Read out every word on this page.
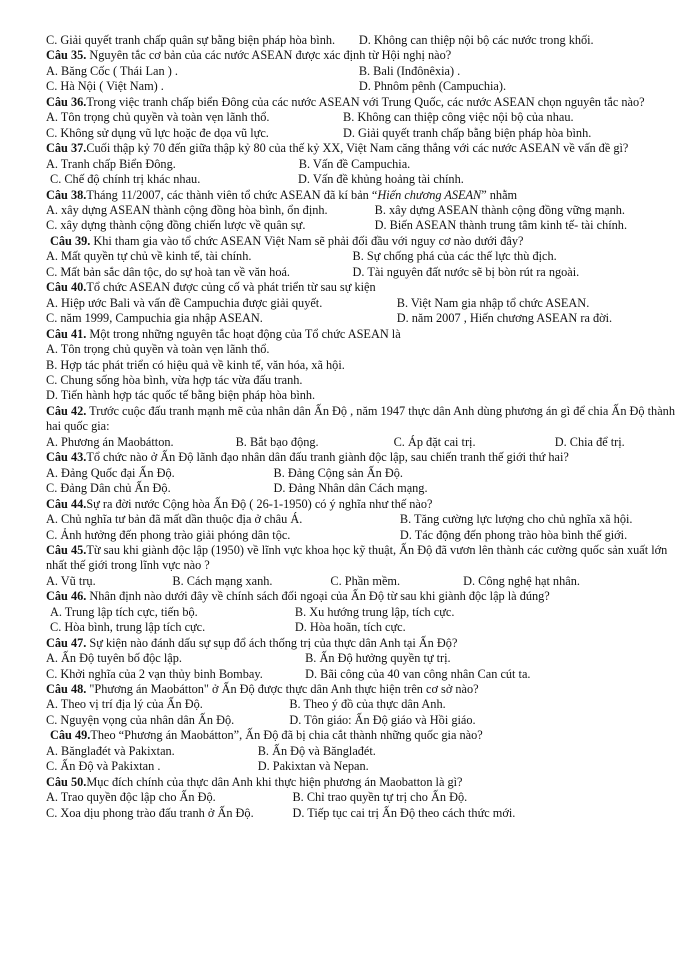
C. Giải quyết tranh chấp quân sự bằng biện pháp hòa bình.	D. Không can thiệp nội bộ các nước trong khối.
Câu 35. Nguyên tắc cơ bản của các nước ASEAN được xác định từ Hội nghị nào?
A. Băng Cốc ( Thái Lan ) .	B. Bali (Inđônêxia) .
C. Hà Nội ( Việt Nam) .	D. Phnôm pênh (Campuchia).
Câu 36.Trong việc tranh chấp biển Đông của các nước ASEAN với Trung Quốc, các nước ASEAN chọn nguyên tắc nào?
A. Tôn trọng chủ quyền và toàn vẹn lãnh thổ.	B. Không can thiệp công việc nội bộ của nhau.
C. Không sử dụng vũ lực hoặc đe dọa vũ lực.	D. Giải quyết tranh chấp bằng biện pháp hòa bình.
Câu 37.Cuối thập kỷ 70 đến giữa thập kỷ 80 của thế kỷ XX, Việt Nam căng thẳng với các nước ASEAN về vấn đề gì?
A. Tranh chấp Biển Đông.	B. Vấn đề Campuchia.
C. Chế độ chính trị khác nhau.	D. Vấn đề khủng hoảng tài chính.
Câu 38.Tháng 11/2007, các thành viên tổ chức ASEAN đã kí bản “Hiến chương ASEAN” nhằm
A. xây dựng ASEAN thành cộng đồng hòa bình, ổn định.	B. xây dựng ASEAN thành cộng đồng vững mạnh.
C. xây dựng thành cộng đồng chiến lược về quân sự.	D. Biến ASEAN thành trung tâm kinh tế- tài chính.
Câu 39. Khi tham gia vào tổ chức ASEAN Việt Nam sẽ phải đối đầu với nguy cơ nào dưới đây?
A. Mất quyền tự chủ về kinh tế, tài chính.	B. Sự chống phá của các thế lực thù địch.
C. Mất bản sắc dân tộc, do sự hoà tan về văn hoá.	D. Tài nguyên đất nước sẽ bị bòn rút ra ngoài.
Câu 40.Tổ chức ASEAN được củng cố và phát triển từ sau sự kiện
A. Hiệp ước Bali và vấn đề Campuchia được giải quyết.	B. Việt Nam gia nhập tổ chức ASEAN.
C. năm 1999, Campuchia gia nhập ASEAN.	D. năm 2007 , Hiến chương ASEAN ra đời.
Câu 41. Một trong những nguyên tắc hoạt động của Tổ chức ASEAN là
A. Tôn trọng chủ quyền và toàn vẹn lãnh thổ.
B. Hợp tác phát triển có hiệu quả về kinh tế, văn hóa, xã hội.
C. Chung sống hòa bình, vừa hợp tác vừa đấu tranh.
D. Tiến hành hợp tác quốc tế bằng biện pháp hòa bình.
Câu 42. Trước cuộc đấu tranh mạnh mẽ của nhân dân Ấn Độ , năm 1947 thực dân Anh dùng phương án gì để chia Ấn Độ thành hai quốc gia:
A. Phương án Maobátton.	B. Bắt bạo động.	C. Áp đặt cai trị.	D. Chia để trị.
Câu 43.Tổ chức nào ở Ấn Độ lãnh đạo nhân dân đấu tranh giành độc lập, sau chiến tranh thế giới thứ hai?
A. Đảng Quốc đại Ấn Độ.	B. Đảng Cộng sản Ấn Độ.
C. Đảng Dân chủ Ấn Độ.	D. Đảng Nhân dân Cách mạng.
Câu 44.Sự ra đời nước Cộng hòa Ấn Độ ( 26-1-1950) có ý nghĩa như thế nào?
A. Chủ nghĩa tư bản đã mất dần thuộc địa ở châu Á.	B. Tăng cường lực lượng cho chủ nghĩa xã hội.
C. Ảnh hưởng đến phong trào giải phóng dân tộc.	D. Tác động đến phong trào hòa bình thế giới.
Câu 45.Từ sau khi giành độc lập (1950) về lĩnh vực khoa học kỹ thuật, Ấn Độ đã vươn lên thành các cường quốc sản xuất lớn nhất thế giới trong lĩnh vực nào ?
A. Vũ trụ.	B. Cách mạng xanh.	C. Phần mềm.	D. Công nghệ hạt nhân.
Câu 46. Nhân định nào dưới đây về chính sách đối ngoại của Ấn Độ từ sau khi giành độc lập là đúng?
A. Trung lập tích cực, tiến bộ.	B. Xu hướng trung lập, tích cực.
C. Hòa bình, trung lập tích cực.	D. Hòa hoãn, tích cực.
Câu 47. Sự kiện nào đánh dấu sự sụp đổ ách thống trị của thực dân Anh tại Ấn Độ?
A. Ấn Độ tuyên bố độc lập.	B. Ấn Độ hưởng quyền tự trị.
C. Khởi nghĩa của 2 vạn thủy binh Bombay.	D. Bãi công của 40 van công nhân Can cút ta.
Câu 48. "Phương án Maobátton" ở Ấn Độ được thực dân Anh thực hiện trên cơ sở nào?
A. Theo vị trí địa lý của Ấn Độ.	B. Theo ý đồ của thực dân Anh.
C. Nguyện vọng của nhân dân Ấn Độ.	D. Tôn giáo: Ấn Độ giáo và Hồi giáo.
Câu 49.Theo “Phương án Maobátton”, Ấn Độ đã bị chia cắt thành những quốc gia nào?
A. Bănglađét và Pakixtan.	B. Ấn Độ và Bănglađét.
C. Ấn Độ và Pakixtan .	D. Pakixtan và Nepan.
Câu 50.Mục đích chính của thực dân Anh khi thực hiện phương án Maobatton là gì?
A. Trao quyền độc lập cho Ấn Độ.	B. Chỉ trao quyền tự trị cho Ấn Độ.
C. Xoa dịu phong trào đấu tranh ở Ấn Độ.	D. Tiếp tục cai trị Ấn Độ theo cách thức mới.
